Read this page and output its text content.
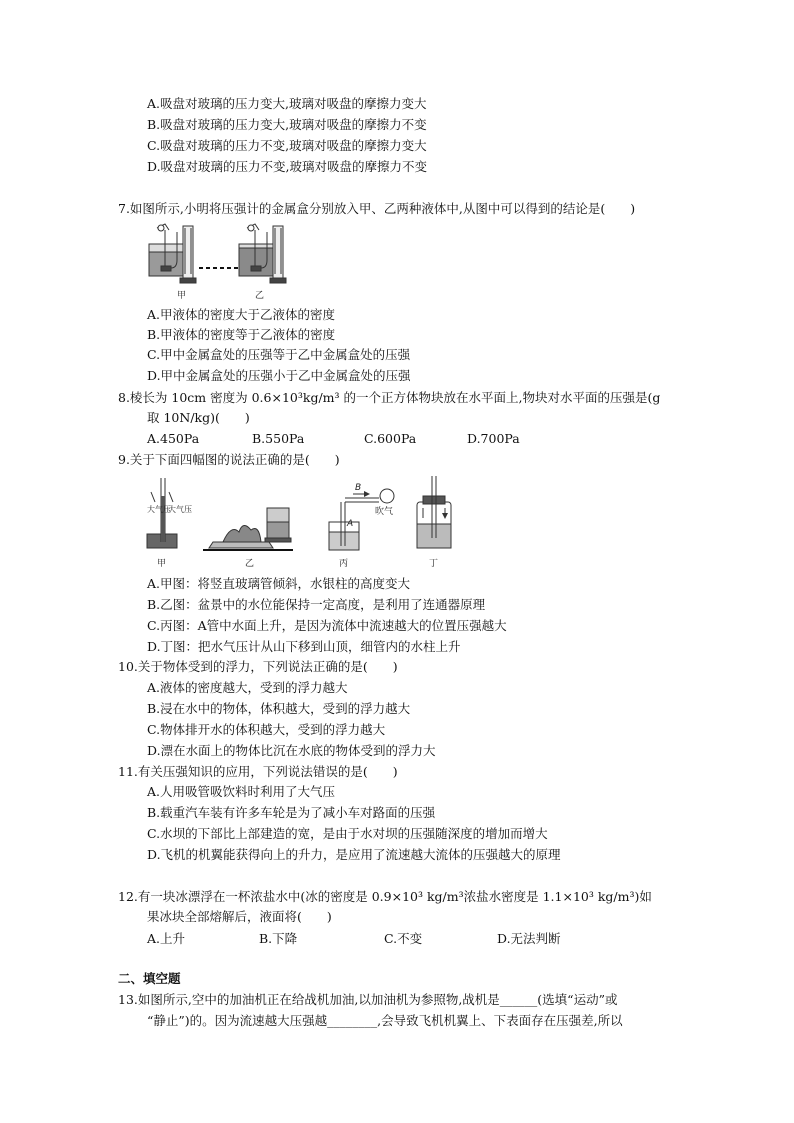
A.吸盘对玻璃的压力变大,玻璃对吸盘的摩擦力变大
B.吸盘对玻璃的压力变大,玻璃对吸盘的摩擦力不变
C.吸盘对玻璃的压力不变,玻璃对吸盘的摩擦力变大
D.吸盘对玻璃的压力不变,玻璃对吸盘的摩擦力不变
7.如图所示,小明将压强计的金属盒分别放入甲、乙两种液体中,从图中可以得到的结论是(　　)
甲	乙
A.甲液体的密度大于乙液体的密度
B.甲液体的密度等于乙液体的密度
C.甲中金属盒处的压强等于乙中金属盒处的压强
D.甲中金属盒处的压强小于乙中金属盒处的压强
8.棱长为 10cm 密度为 0.6×10³kg/m³ 的一个正方体物块放在水平面上,物块对水平面的压强是(g
取 10N/kg)(　　)
A.450Pa	B.550Pa	C.600Pa	D.700Pa
9.关于下面四幅图的说法正确的是(　　)
大气压
大气压
B
A
吹气
甲	乙	丙	丁
A.甲图：将竖直玻璃管倾斜，水银柱的高度变大
B.乙图：盆景中的水位能保持一定高度，是利用了连通器原理
C.丙图：A管中水面上升，是因为流体中流速越大的位置压强越大
D.丁图：把水气压计从山下移到山顶，细管内的水柱上升
10.关于物体受到的浮力，下列说法正确的是(　　)
A.液体的密度越大，受到的浮力越大
B.浸在水中的物体，体积越大，受到的浮力越大
C.物体排开水的体积越大，受到的浮力越大
D.漂在水面上的物体比沉在水底的物体受到的浮力大
11.有关压强知识的应用，下列说法错误的是(　　)
A.人用吸管吸饮料时利用了大气压
B.载重汽车装有许多车轮是为了减小车对路面的压强
C.水坝的下部比上部建造的宽，是由于水对坝的压强随深度的增加而增大
D.飞机的机翼能获得向上的升力，是应用了流速越大流体的压强越大的原理
12.有一块冰漂浮在一杯浓盐水中(冰的密度是 0.9×10³ kg/m³浓盐水密度是 1.1×10³ kg/m³)如
果冰块全部熔解后，液面将(　　)
A.上升	B.下降	C.不变	D.无法判断
二、填空题
13.如图所示,空中的加油机正在给战机加油,以加油机为参照物,战机是______(选填“运动”或
“静止”)的。因为流速越大压强越________,会导致飞机机翼上、下表面存在压强差,所以
